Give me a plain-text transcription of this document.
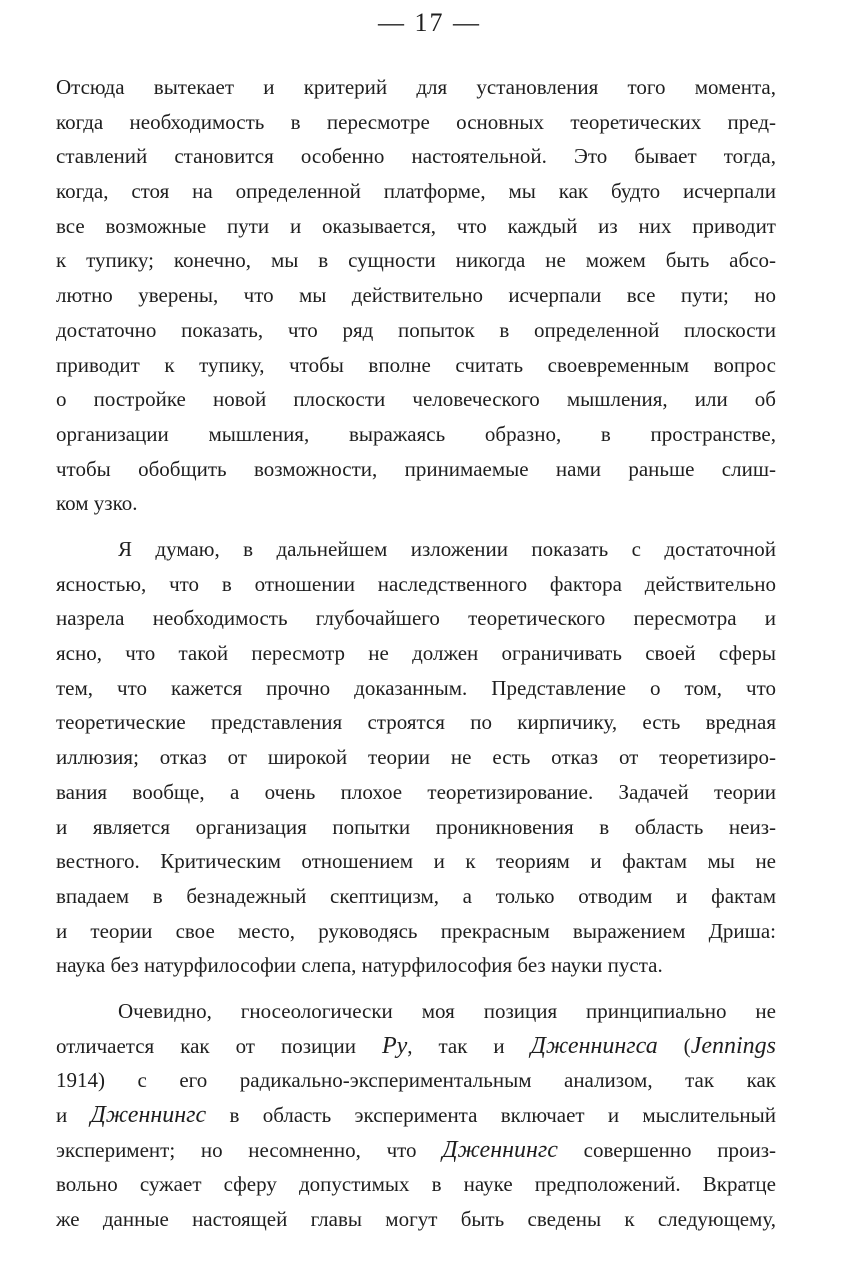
— 17 —
Отсюда вытекает и критерий для установления того момента,
когда необходимость в пересмотре основных теоретических пред-
ставлений становится особенно настоятельной. Это бывает тогда,
когда, стоя на определенной платформе, мы как будто исчерпали
все возможные пути и оказывается, что каждый из них приводит
к тупику; конечно, мы в сущности никогда не можем быть абсо-
лютно уверены, что мы действительно исчерпали все пути; но
достаточно показать, что ряд попыток в определенной плоскости
приводит к тупику, чтобы вполне считать своевременным вопрос
о постройке новой плоскости человеческого мышления, или об
организации мышления, выражаясь образно, в пространстве,
чтобы обобщить возможности, принимаемые нами раньше слиш-
ком узко.
Я думаю, в дальнейшем изложении показать с достаточной
ясностью, что в отношении наследственного фактора действительно
назрела необходимость глубочайшего теоретического пересмотра и
ясно, что такой пересмотр не должен ограничивать своей сферы
тем, что кажется прочно доказанным. Представление о том, что
теоретические представления строятся по кирпичику, есть вредная
иллюзия; отказ от широкой теории не есть отказ от теоретизиро-
вания вообще, а очень плохое теоретизирование. Задачей теории
и является организация попытки проникновения в область неиз-
вестного. Критическим отношением и к теориям и фактам мы не
впадаем в безнадежный скептицизм, а только отводим и фактам
и теории свое место, руководясь прекрасным выражением Дриша:
наука без натурфилософии слепа, натурфилософия без науки пуста.
Очевидно, гносеологически моя позиция принципиально не
отличается как от позиции Ру, так и Дженнингса (Jennings
1914) с его радикально-экспериментальным анализом, так как
и Дженнингс в область эксперимента включает и мыслительный
эксперимент; но несомненно, что Дженнингс совершенно произ-
вольно сужает сферу допустимых в науке предположений. Вкратце
же данные настоящей главы могут быть сведены к следующему,
